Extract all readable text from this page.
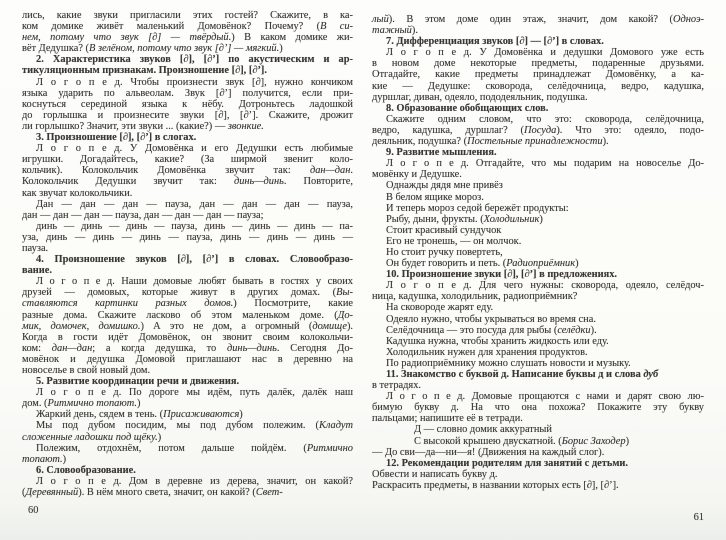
лись, какие звуки пригласили этих гостей? Скажите, в ка-
ком домике живёт маленький Домовёнок? Почему? (В си-
нем, потому что звук [∂] — твёрдый.) В каком домике жи-
вёт Дедушка? (В зелёном, потому что звук [∂’] — мягкий.)
2. Характеристика звуков [∂], [∂’] по акустическим и ар-
тикуляционным признакам. Произношение [∂], [∂’].
Л о г о п е д. Чтобы произнести звук [∂], нужно кончиком
языка ударить по альвеолам. Звук [∂’] получится, если при-
коснуться серединой языка к нёбу. Дотроньтесь ладошкой
до горлышка и произнесите звуки [∂], [∂’]. Скажите, дрожит
ли горлышко? Значит, эти звуки ... (какие?) — звонкие.
3. Произношение [∂], [∂’] в слогах.
Л о г о п е д. У Домовёнка и его Дедушки есть любимые
игрушки. Догадайтесь, какие? (За ширмой звенит коло-
кольчик). Колокольчик Домовёнка звучит так: дан—дан.
Колокольчик Дедушки звучит так: динь—динь. Повторите,
как звучат колокольчики.
Дан — дан — дан — пауза, дан — дан — дан — пауза,
дан — дан — дан — пауза, дан — дан — дан — пауза;
динь — динь — динь — пауза, динь — динь — динь — па-
уза, динь — динь — динь — пауза, динь — динь — динь —
пауза.
4. Произношение звуков [∂], [∂’] в словах. Словообразо-
вание.
Л о г о п е д. Наши домовые любят бывать в гостях у своих
друзей — домовых, которые живут в других домах. (Вы-
ставляются картинки разных домов.) Посмотрите, какие
разные дома. Скажите ласково об этом маленьком доме. (До-
мик, домочек, домишко.) А это не дом, а огромный (домище).
Когда в гости идёт Домовёнок, он звонит своим колокольчи-
ком: дан—дан; а когда дедушка, то динь—динь. Сегодня До-
мовёнок и дедушка Домовой приглашают нас в деревню на
новоселье в свой новый дом.
5. Развитие координации речи и движения.
Л о г о п е д. По дороге мы идём, путь далёк, далёк наш
дом. (Ритмично топают.)
Жаркий день, сядем в тень. (Присаживаются)
Мы под дубом посидим, мы под дубом полежим. (Кладут
сложенные ладошки под щёку.)
Полежим, отдохнём, потом дальше пойдём. (Ритмично
топают.)
6. Словообразование.
Л о г о п е д. Дом в деревне из дерева, значит, он какой?
(Деревянный). В нём много света, значит, он какой? (Свет-
60
лый). В этом доме один этаж, значит, дом какой? (Одноэ-
тажный).
7. Дифференциация звуков [∂] — [∂’] в словах.
Л о г о п е д. У Домовёнка и дедушки Домового уже есть
в новом доме некоторые предметы, подаренные друзьями.
Отгадайте, какие предметы принадлежат Домовёнку, а ка-
кие — Дедушке: сковорода, селёдочница, ведро, кадушка,
дуршлаг, диван, одеяло, пододеяльник, подушка.
8. Образование обобщающих слов.
Скажите одним словом, что это: сковорода, селёдочница,
ведро, кадушка, дуршлаг? (Посуда). Что это: одеяло, подо-
деяльник, подушка? (Постельные принадлежности).
9. Развитие мышления.
Л о г о п е д. Отгадайте, что мы подарим на новоселье До-
мовёнку и Дедушке.
Однажды дядя мне привёз
В белом ящике мороз.
И теперь мороз седой бережёт продукты:
Рыбу, дыни, фрукты. (Холодильник)
Стоит красивый сундучок
Его не тронешь, — он молчок.
Но стоит ручку повертеть,
Он будет говорить и петь. (Радиоприёмник)
10. Произношение звуки [∂], [∂’] в предложениях.
Л о г о п е д. Для чего нужны: сковорода, одеяло, селёдоч-
ница, кадушка, холодильник, радиоприёмник?
На сковороде жарят еду.
Одеяло нужно, чтобы укрываться во время сна.
Селёдочница — это посуда для рыбы (селёдки).
Кадушка нужна, чтобы хранить жидкость или еду.
Холодильник нужен для хранения продуктов.
По радиоприёмнику можно слушать новости и музыку.
11. Знакомство с буквой д. Написание буквы д и слова дуб
в тетрадях.
Л о г о п е д. Домовые прощаются с нами и дарят свою лю-
бимую букву д. На что она похожа? Покажите эту букву
пальцами; напишите её в тетради.
Д — словно домик аккуратный
С высокой крышею двускатной. (Борис Заходер)
— До сви—да—ни—я! (Движения на каждый слог).
12. Рекомендации родителям для занятий с детьми.
Обвести и написать букву д.
Раскрасить предметы, в названии которых есть [∂], [∂’].
61
